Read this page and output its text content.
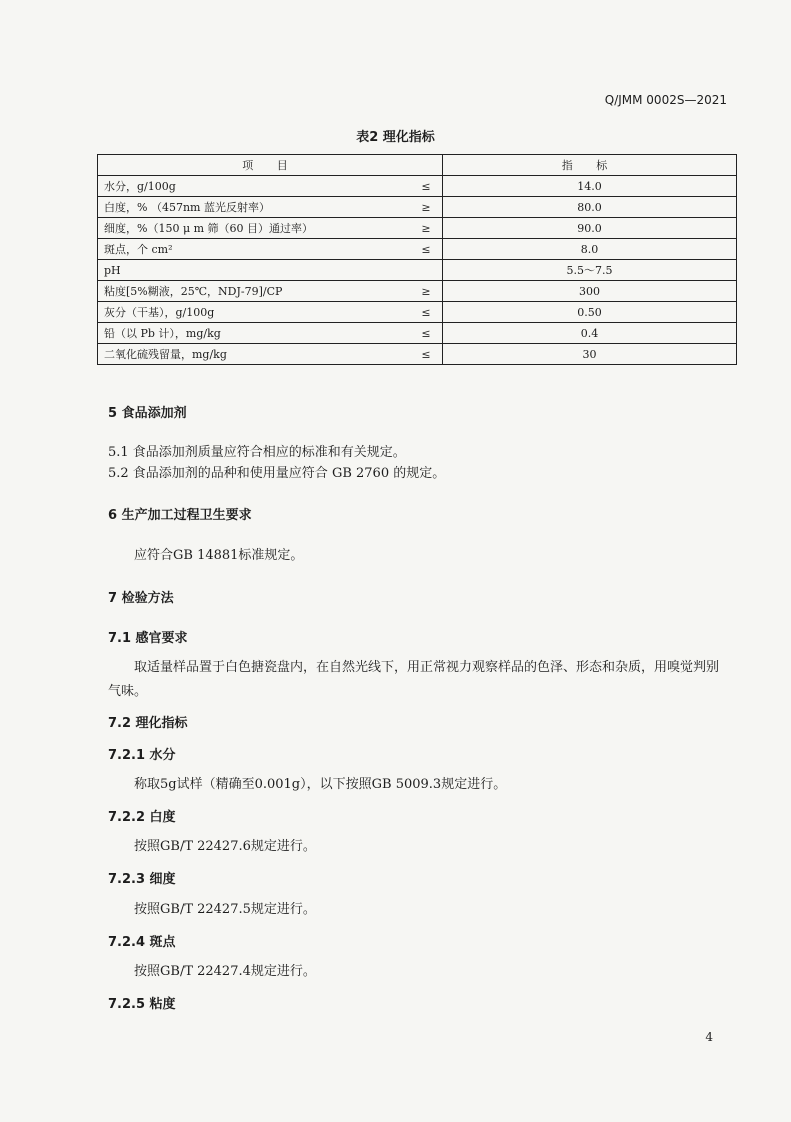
Q/JMM 0002S—2021
表2 理化指标
项 目		指 标
水分，g/100g	≤	14.0
白度，% （457nm 蓝光反射率）	≥	80.0
细度，%（150 μ m 筛（60 目）通过率）	≥	90.0
斑点，个 cm²	≤	8.0
pH		5.5～7.5
粘度[5%糊液，25℃，NDJ-79]/CP	≥	300
灰分（干基），g/100g	≤	0.50
铅（以 Pb 计），mg/kg	≤	0.4
二氧化硫残留量，mg/kg	≤	30
5 食品添加剂
5.1 食品添加剂质量应符合相应的标准和有关规定。
5.2 食品添加剂的品种和使用量应符合 GB 2760 的规定。
6 生产加工过程卫生要求
应符合GB 14881标准规定。
7 检验方法
7.1 感官要求
取适量样品置于白色搪瓷盘内，在自然光线下，用正常视力观察样品的色泽、形态和杂质，用嗅觉判别气味。
7.2 理化指标
7.2.1 水分
称取5g试样（精确至0.001g），以下按照GB 5009.3规定进行。
7.2.2 白度
按照GB/T 22427.6规定进行。
7.2.3 细度
按照GB/T 22427.5规定进行。
7.2.4 斑点
按照GB/T 22427.4规定进行。
7.2.5 粘度
4
